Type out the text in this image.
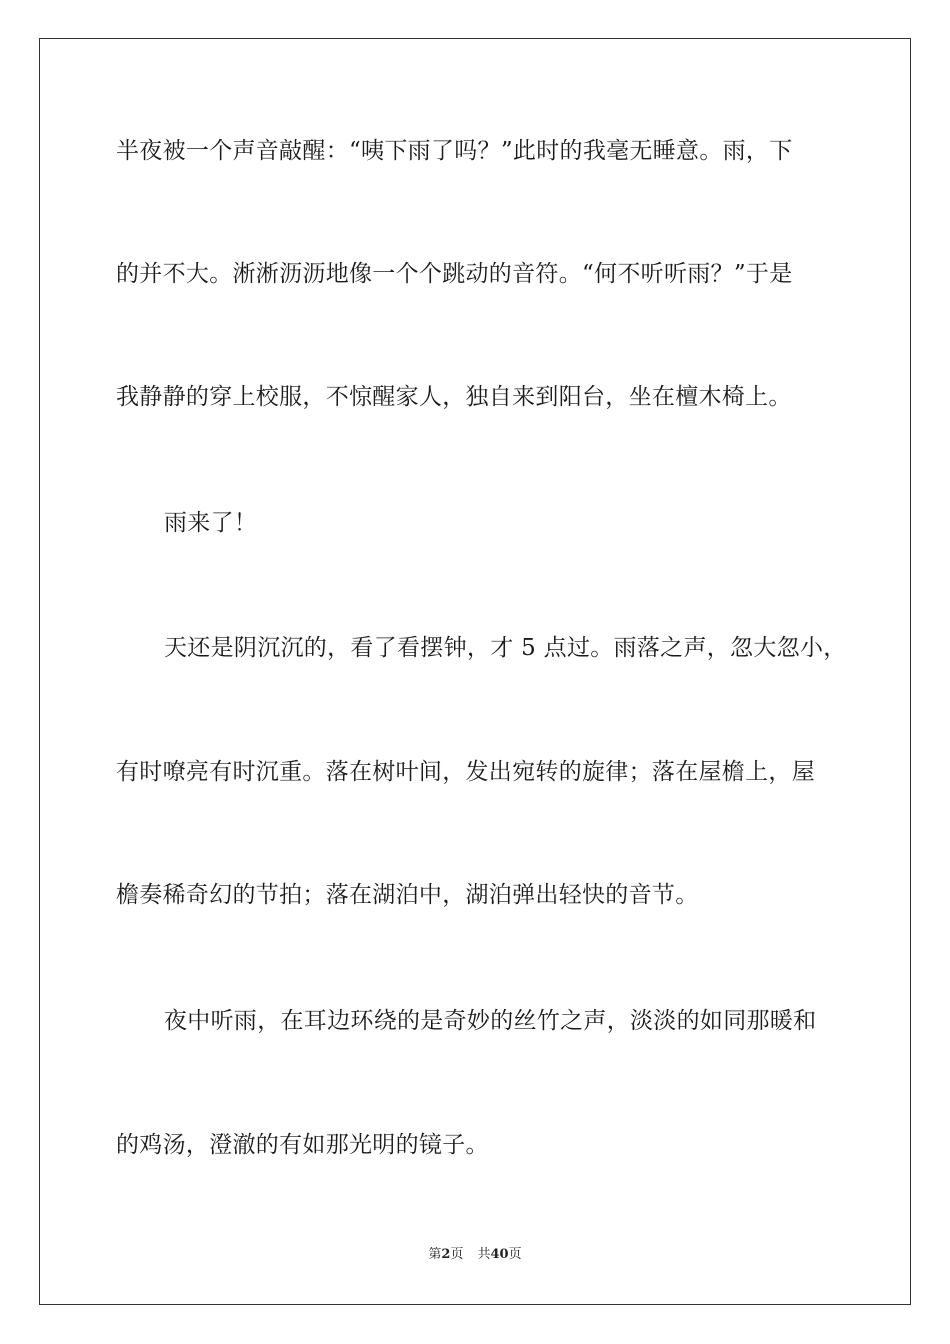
半夜被一个声音敲醒：“咦下雨了吗？”此时的我毫无睡意。雨，下
的并不大。淅淅沥沥地像一个个跳动的音符。“何不听听雨？”于是
我静静的穿上校服，不惊醒家人，独自来到阳台，坐在檀木椅上。
雨来了！
天还是阴沉沉的，看了看摆钟，才 5 点过。雨落之声，忽大忽小，
有时嘹亮有时沉重。落在树叶间，发出宛转的旋律；落在屋檐上，屋
檐奏稀奇幻的节拍；落在湖泊中，湖泊弹出轻快的音节。
夜中听雨，在耳边环绕的是奇妙的丝竹之声，淡淡的如同那暖和
的鸡汤，澄澈的有如那光明的镜子。
第2页 共40页
